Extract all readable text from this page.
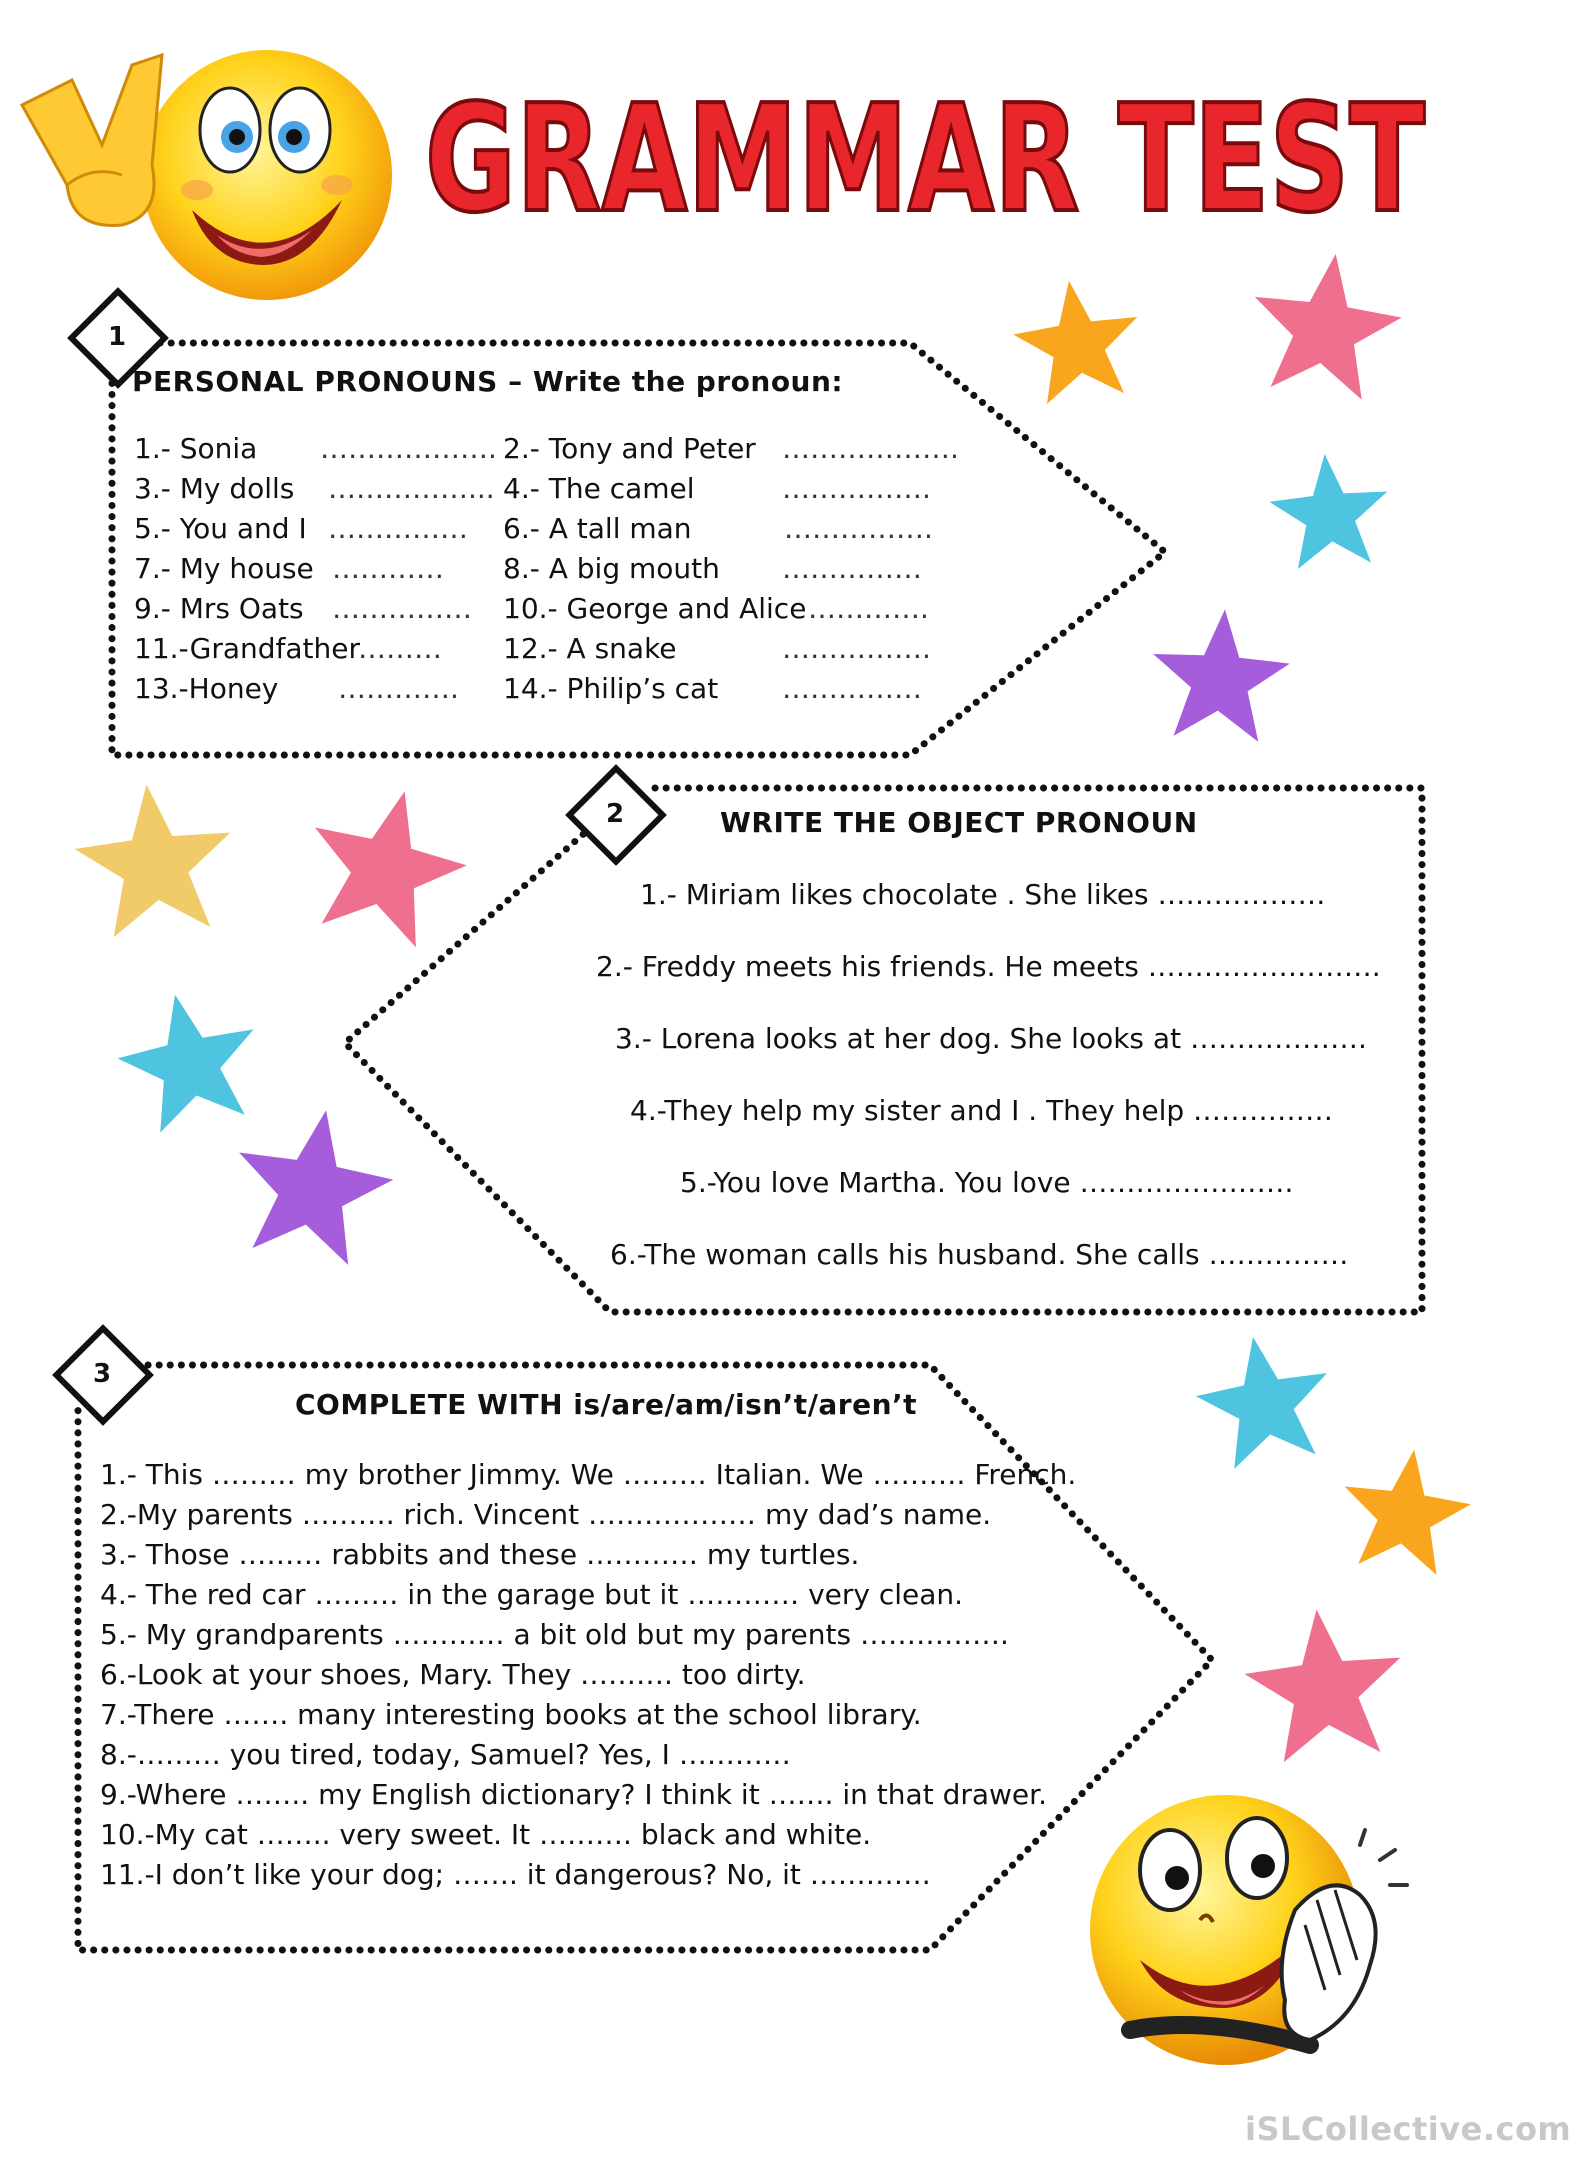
GRAMMAR TEST
1
2
3
PERSONAL PRONOUNS – Write the pronoun:
1.- Sonia
3.- My dolls
5.- You and I
7.- My house
9.- Mrs Oats
11.-Grandfather
13.-Honey
……………….
……………...
……………
…………
……………
………
………….
2.- Tony and Peter
4.- The camel
6.- A tall man
8.- A big mouth
10.- George and Alice
12.- A snake
14.- Philip’s cat
……………….
…………….
…………….
……………
………….
…………….
……………
WRITE THE OBJECT PRONOUN
1.- Miriam likes chocolate . She likes ………………
2.- Freddy meets his friends. He meets …………………….
3.- Lorena looks at her dog. She looks at ……………….
4.-They help my sister and I . They help ……………
5.-You love Martha. You love …………….…….
6.-The woman calls his husband. She calls ……………
COMPLETE WITH is/are/am/isn’t/aren’t
1.- This ……… my brother Jimmy. We ……… Italian. We ………. French.
2.-My parents ………. rich. Vincent ……………… my dad’s name.
3.- Those ……… rabbits and these ………… my turtles.
4.- The red car ……… in the garage but it ………… very clean.
5.- My grandparents ………… a bit old but my parents …………….
6.-Look at your shoes, Mary. They ………. too dirty.
7.-There ……. many interesting books at the school library.
8.-……… you tired, today, Samuel? Yes, I …………
9.-Where …….. my English dictionary? I think it ……. in that drawer.
10.-My cat …….. very sweet. It ………. black and white.
11.-I don’t like your dog; ……. it dangerous? No, it ………….
iSLCollective.com
